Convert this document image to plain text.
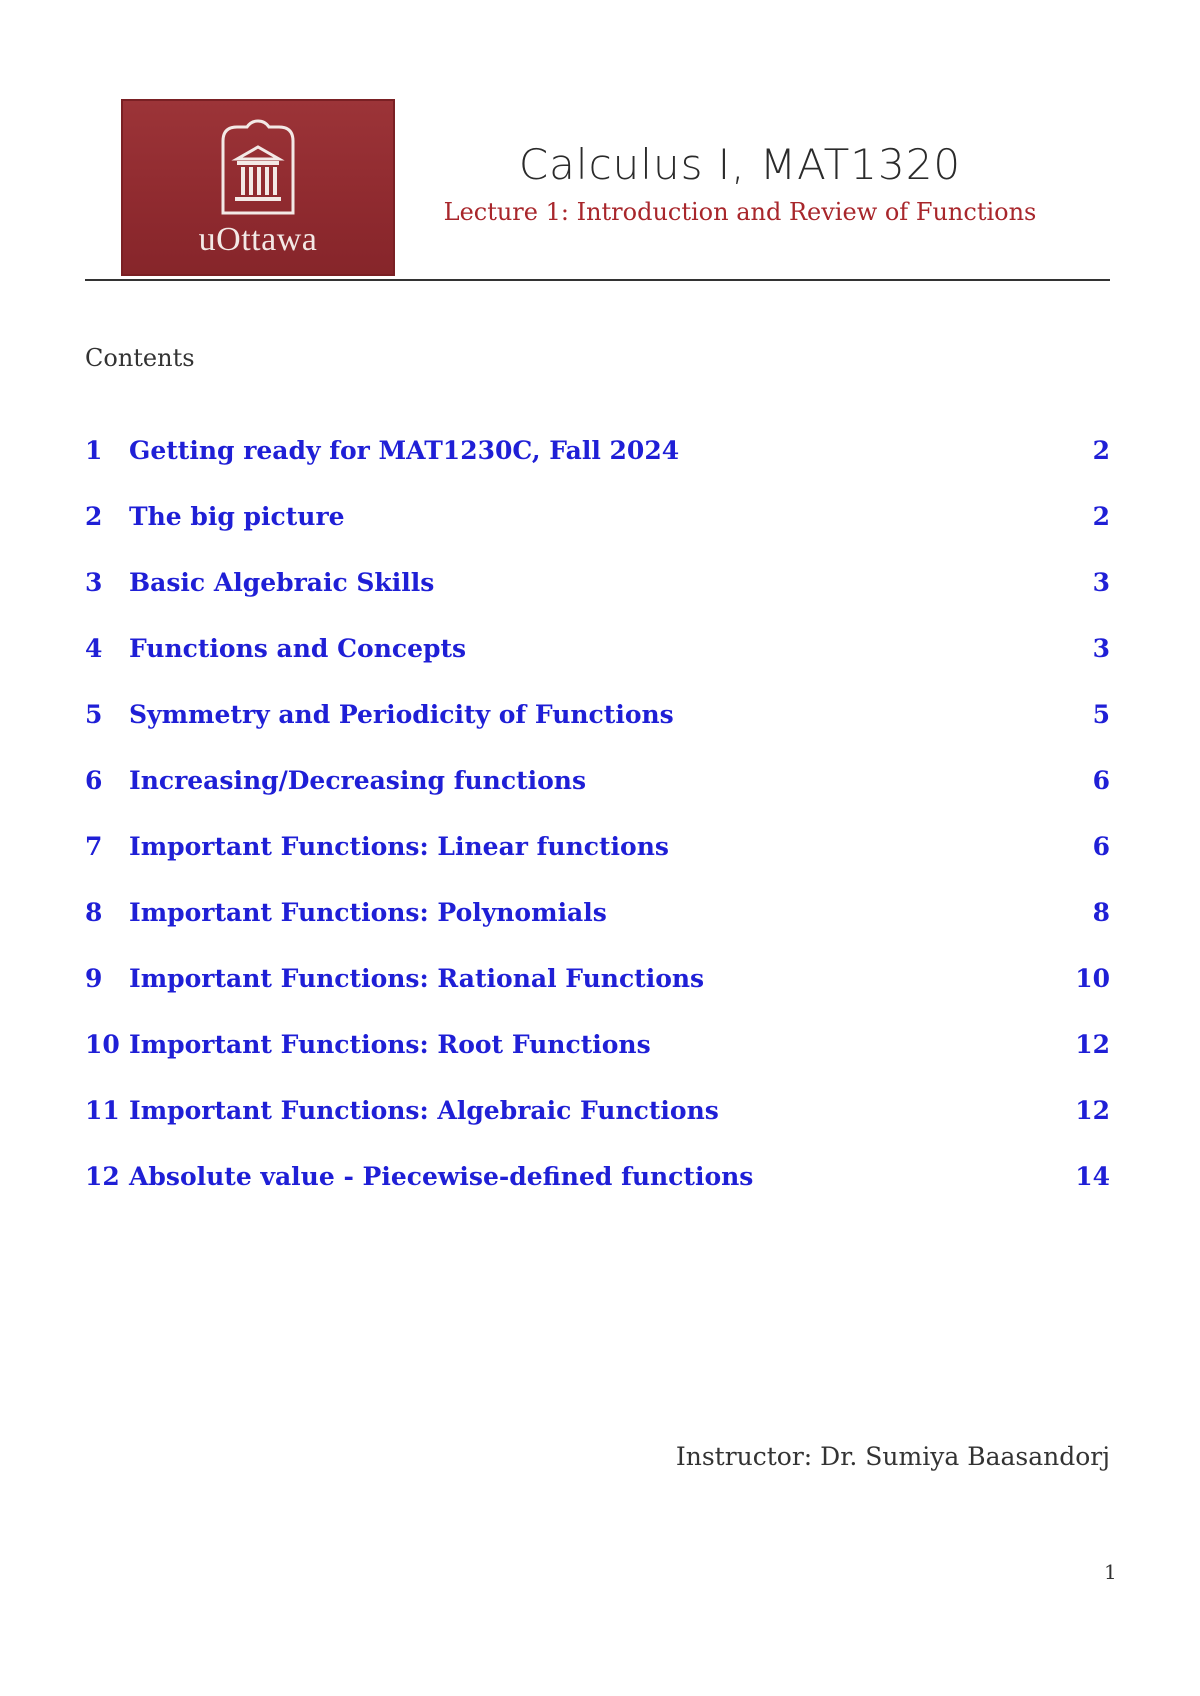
uOttawa
Calculus I, MAT1320
Lecture 1: Introduction and Review of Functions
Contents
1	Getting ready for MAT1230C, Fall 2024	2
2	The big picture	2
3	Basic Algebraic Skills	3
4	Functions and Concepts	3
5	Symmetry and Periodicity of Functions	5
6	Increasing/Decreasing functions	6
7	Important Functions: Linear functions	6
8	Important Functions: Polynomials	8
9	Important Functions: Rational Functions	10
10 Important Functions: Root Functions	12
11 Important Functions: Algebraic Functions	12
12 Absolute value - Piecewise-defined functions	14
Instructor: Dr. Sumiya Baasandorj
1
